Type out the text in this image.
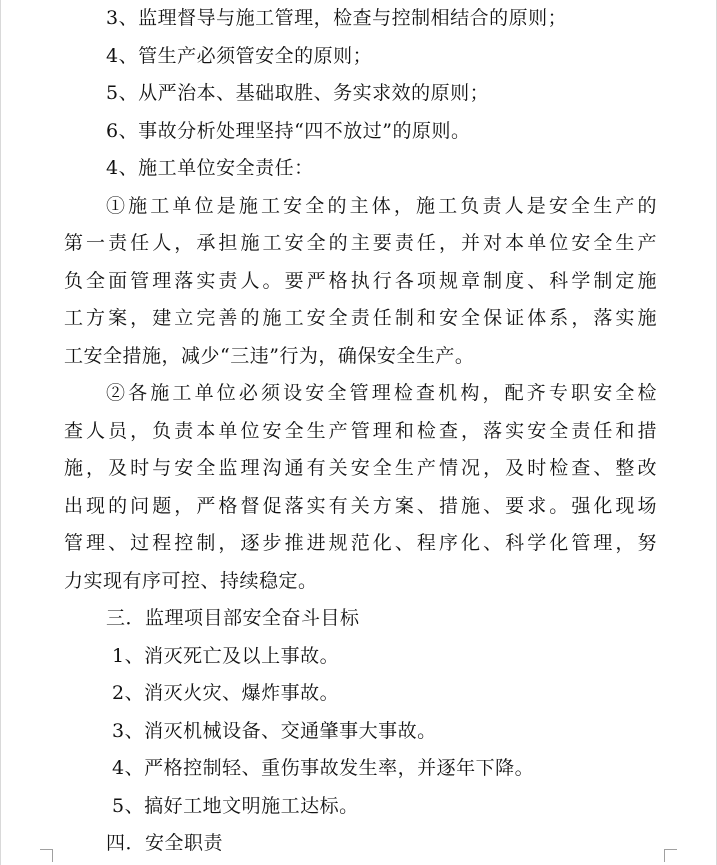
3、监理督导与施工管理，检查与控制相结合的原则；
4、管生产必须管安全的原则；
5、从严治本、基础取胜、务实求效的原则；
6、事故分析处理坚持“四不放过”的原则。
4、施工单位安全责任：
①施工单位是施工安全的主体，施工负责人是安全生产的
第一责任人，承担施工安全的主要责任，并对本单位安全生产
负全面管理落实责人。要严格执行各项规章制度、科学制定施
工方案，建立完善的施工安全责任制和安全保证体系，落实施
工安全措施，减少“三违”行为，确保安全生产。
②各施工单位必须设安全管理检查机构，配齐专职安全检
查人员，负责本单位安全生产管理和检查，落实安全责任和措
施，及时与安全监理沟通有关安全生产情况，及时检查、整改
出现的问题，严格督促落实有关方案、措施、要求。强化现场
管理、过程控制，逐步推进规范化、程序化、科学化管理，努
力实现有序可控、持续稳定。
三．监理项目部安全奋斗目标
1、消灭死亡及以上事故。
2、消灭火灾、爆炸事故。
3、消灭机械设备、交通肇事大事故。
4、严格控制轻、重伤事故发生率，并逐年下降。
5、搞好工地文明施工达标。
四．安全职责
